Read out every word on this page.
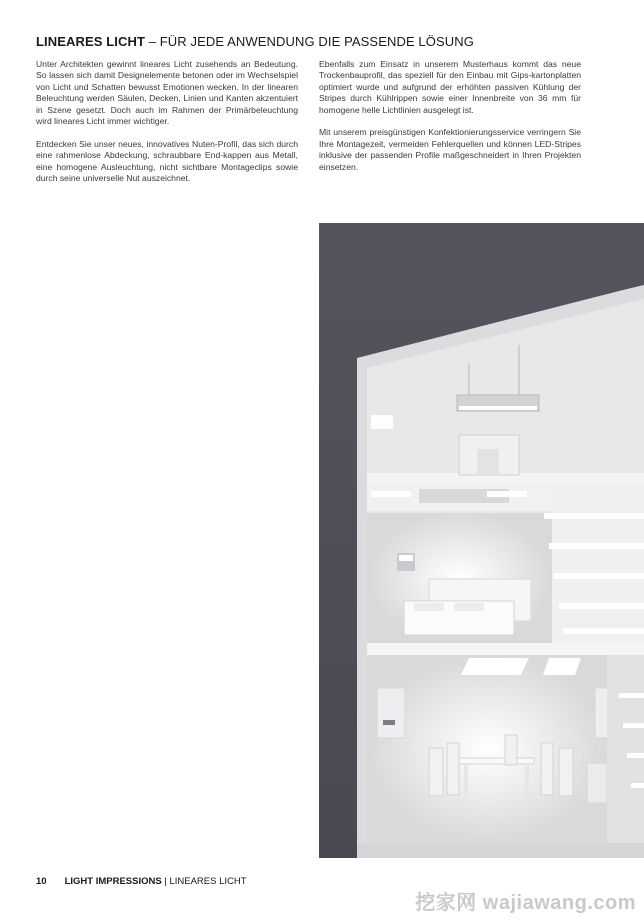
LINEARES LICHT – FÜR JEDE ANWENDUNG DIE PASSENDE LÖSUNG

Unter Architekten gewinnt lineares Licht zusehends an Bedeutung. So lassen sich damit Designelemente betonen oder im Wechselspiel von Licht und Schatten bewusst Emotionen wecken. In der linearen Beleuchtung werden Säulen, Decken, Linien und Kanten akzentuiert in Szene gesetzt. Doch auch im Rahmen der Primärbeleuchtung wird lineares Licht immer wichtiger.

Entdecken Sie unser neues, innovatives Nuten-Profil, das sich durch eine rahmenlose Abdeckung, schraubbare End-kappen aus Metall, eine homogene Ausleuchtung, nicht sichtbare Montageclips sowie durch seine universelle Nut auszeichnet.

Ebenfalls zum Einsatz in unserem Musterhaus kommt das neue Trockenbauprofil, das speziell für den Einbau mit Gips-kartonplatten optimiert wurde und aufgrund der erhöhten passiven Kühlung der Stripes durch Kühlrippen sowie einer Innenbreite von 36 mm für homogene helle Lichtlinien ausgelegt ist.

Mit unserem preisgünstigen Konfektionierungsservice verringern Sie Ihre Montagezeit, vermeiden Fehlerquellen und können LED-Stripes inklusive der passenden Profile maßgeschneidert in Ihren Projekten einsetzen.

10 LIGHT IMPRESSIONS | LINEARES LICHT
挖家网 wajiawang.com
